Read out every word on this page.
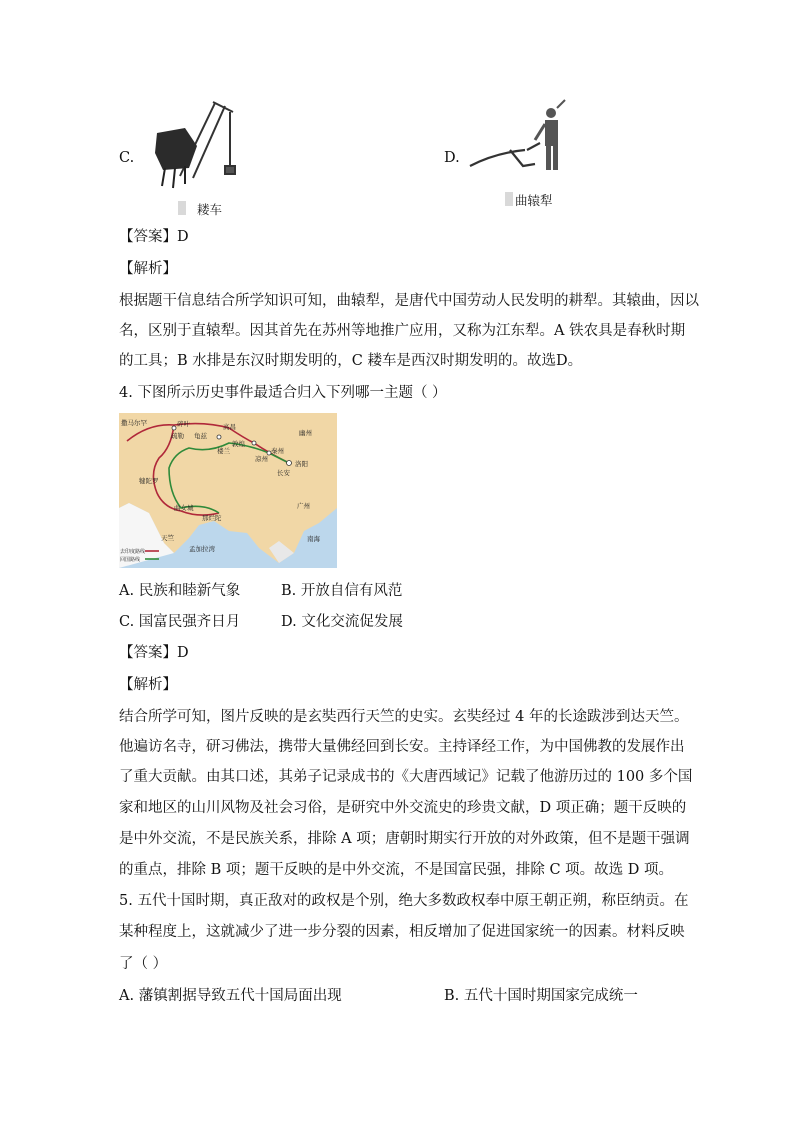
C.
耧车
D.
曲辕犁
【答案】D
【解析】
根据题干信息结合所学知识可知，曲辕犁，是唐代中国劳动人民发明的耕犁。其辕曲，因以
名，区别于直辕犁。因其首先在苏州等地推广应用，又称为江东犁。A 铁农具是春秋时期
的工具；B 水排是东汉时期发明的，C 耧车是西汉时期发明的。故选D。
4. 下图所示历史事件最适合归入下列哪一主题（ ）
撒马尔罕	碎叶	高昌
幽州
疏勒 龟兹
楼兰
敦煌
凉州
秦州
洛阳
长安
犍陀罗
曲女城
那烂陀
天竺
广州
孟加拉湾
南海
去印度路线
回国路线
A. 民族和睦新气象	B. 开放自信有风范
C. 国富民强齐日月	D. 文化交流促发展
【答案】D
【解析】
结合所学可知，图片反映的是玄奘西行天竺的史实。玄奘经过 4 年的长途跋涉到达天竺。
他遍访名寺，研习佛法，携带大量佛经回到长安。主持译经工作，为中国佛教的发展作出
了重大贡献。由其口述，其弟子记录成书的《大唐西域记》记载了他游历过的 100 多个国
家和地区的山川风物及社会习俗，是研究中外交流史的珍贵文献，D 项正确；题干反映的
是中外交流，不是民族关系，排除 A 项；唐朝时期实行开放的对外政策，但不是题干强调
的重点，排除 B 项；题干反映的是中外交流，不是国富民强，排除 C 项。故选 D 项。
5. 五代十国时期，真正敌对的政权是个别，绝大多数政权奉中原王朝正朔，称臣纳贡。在
某种程度上，这就减少了进一步分裂的因素，相反增加了促进国家统一的因素。材料反映
了（ ）
A. 藩镇割据导致五代十国局面出现	B. 五代十国时期国家完成统一
